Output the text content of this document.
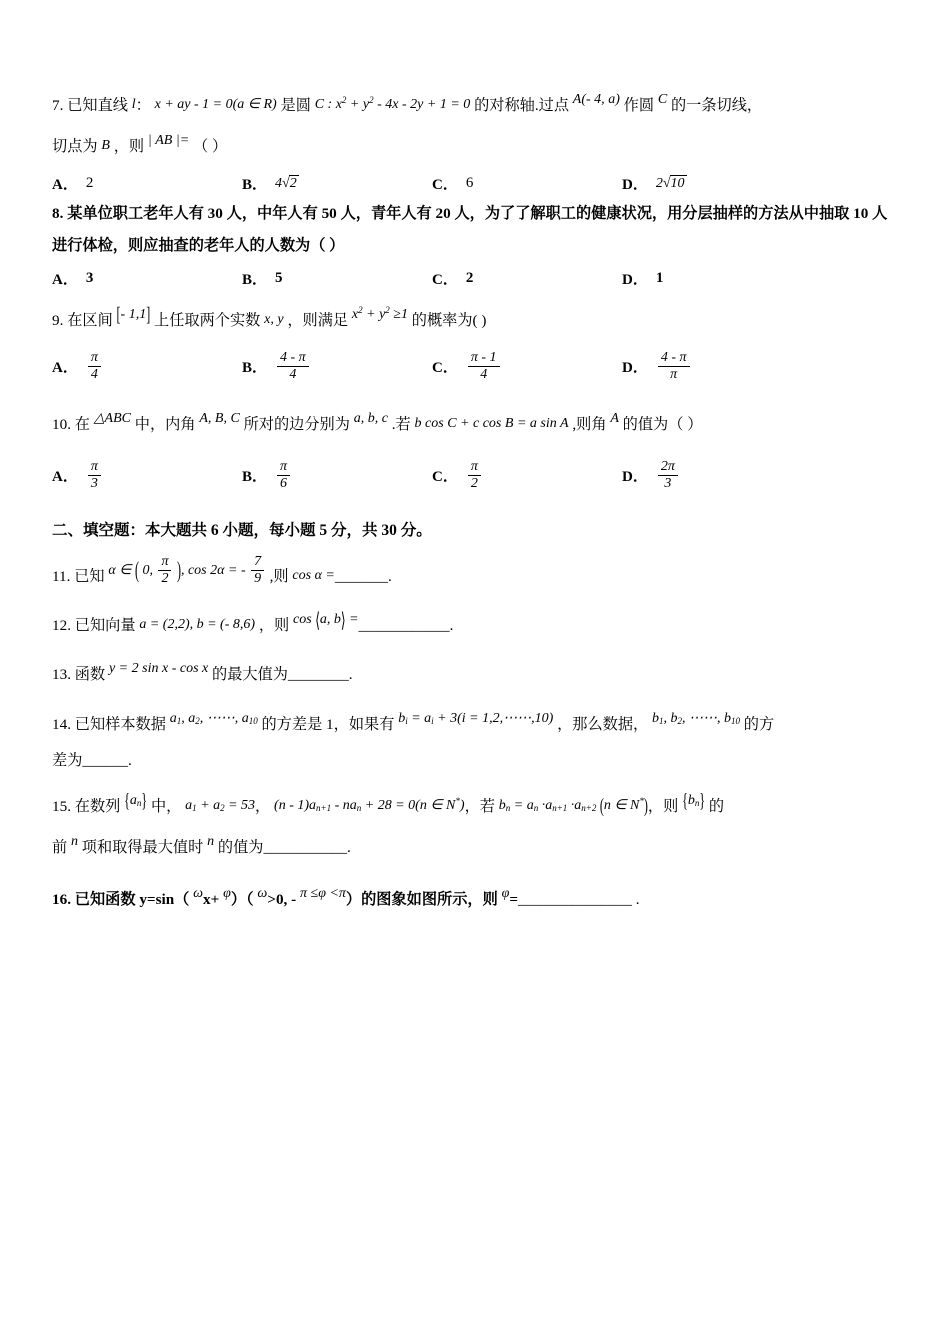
7. 已知直线 l： x + ay - 1 = 0(a ∈ R) 是圆 C : $x^2 + y^2 - 4x - 2y + 1 = 0$ 的对称轴.过点 A(- 4, a) 作圆 C 的一条切线，
切点为 B ，则 | AB |= （ ）
A． 2	B． 4√2	C． 6	D． 2√10
8. 某单位职工老年人有 30 人，中年人有 50 人，青年人有 20 人，为了了解职工的健康状况，用分层抽样的方法从中抽取 10 人进行体检，则应抽查的老年人的人数为（ ）
A． 3	B． 5	C． 2	D． 1
9. 在区间 [- 1,1] 上任取两个实数 x, y ，则满足 $x^2 + y^2 \ge 1$ 的概率为( )
A． $\frac{\pi}{4}$	B． $\frac{4 - \pi}{4}$	C． $\frac{\pi - 1}{4}$	D． $\frac{4 - \pi}{\pi}$
10. 在 △ABC 中，内角 A, B, C 所对的边分别为 a, b, c .若 b cos C + c cos B = a sin A ,则角 A 的值为（ ）
A． $\frac{\pi}{3}$	B． $\frac{\pi}{6}$	C． $\frac{\pi}{2}$	D． $\frac{2\pi}{3}$
二、填空题：本大题共 6 小题，每小题 5 分，共 30 分。
11. 已知 α ∈ ( 0, $\frac{\pi}{2}$ ), cos 2α = - $\frac{7}{9}$ ,则 cos α =_______.
12. 已知向量 a = (2,2), b = (- 8,6) ，则 cos ⟨a, b⟩ =____________.
13. 函数 y = 2 sin x - cos x 的最大值为________.
14. 已知样本数据 $a_1$, $a_2$, ⋯⋯, $a_{10}$ 的方差是 1，如果有 $b_i = a_i + 3(i$ = 1,2,⋯⋯,10) ，那么数据， $b_1$, $b_2$, ⋯⋯, $b_{10}$ 的方
差为______.
15. 在数列 $\{a_n\}$ 中， $a_1 + a_2 = 53$， $(n - 1)a_{n+1} - na_n + 28 = 0(n$ ∈ N*)，若 $b_n = a_n \cdot a_{n+1} \cdot a_{n+2}$ (n ∈ N*)，则 $\{b_n\}$ 的
前 n 项和取得最大值时 n 的值为___________.
16. 已知函数 y=sin（ ωx+ φ）（ ω>0, - π ≤φ <π）的图象如图所示，则 φ=_______________ .
